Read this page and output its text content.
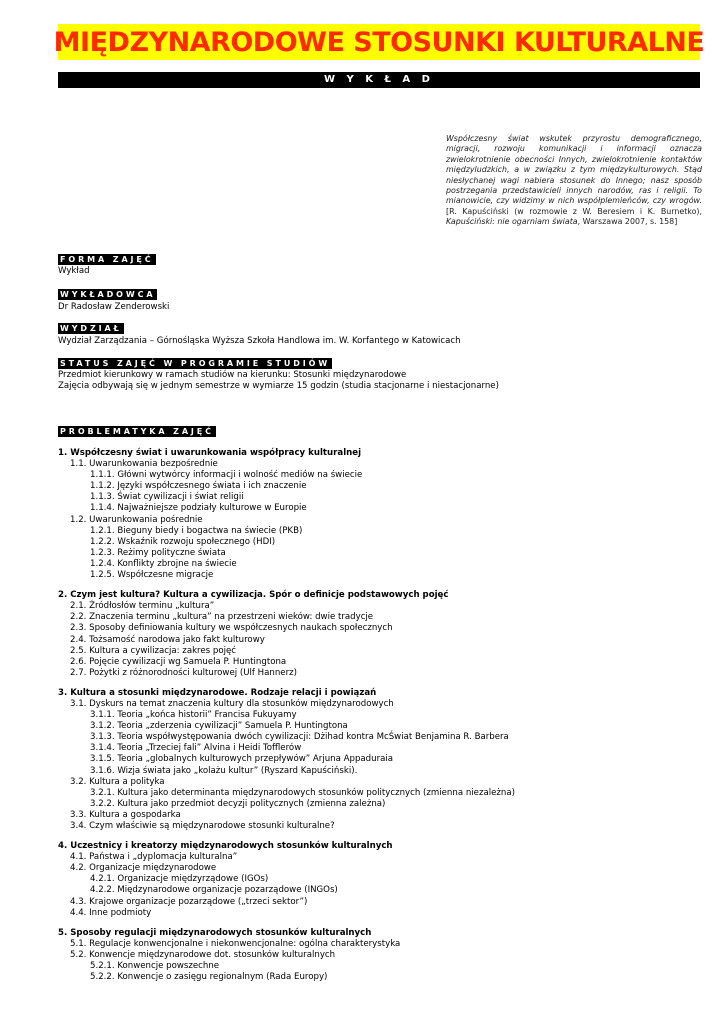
MIĘDZYNARODOWE STOSUNKI KULTURALNE
W Y K Ł A D
Współczesny świat wskutek przyrostu demograficznego, migracji, rozwoju komunikacji i informacji oznacza zwielokrotnienie obecności Innych, zwielokrotnienie kontaktów międzyludzkich, a w związku z tym międzykulturowych. Stąd niesłychanej wagi nabiera stosunek do Innego; nasz sposób postrzegania przedstawicieli innych narodów, ras i religii. To mianowicie, czy widzimy w nich współplemieńców, czy wrogów. [R. Kapuściński (w rozmowie z W. Beresiem i K. Burnetko), Kapuściński: nie ogarniam świata, Warszawa 2007, s. 158]
FORMA ZAJĘĆ
Wykład
WYKŁADOWCA
Dr Radosław Zenderowski
WYDZIAŁ
Wydział Zarządzania – Górnośląska Wyższa Szkoła Handlowa im. W. Korfantego w Katowicach
STATUS ZAJĘĆ W PROGRAMIE STUDIÓW
Przedmiot kierunkowy w ramach studiów na kierunku: Stosunki międzynarodowe
Zajęcia odbywają się w jednym semestrze w wymiarze 15 godzin (studia stacjonarne i niestacjonarne)
PROBLEMATYKA ZAJĘĆ
1. Współczesny świat i uwarunkowania współpracy kulturalnej
1.1. Uwarunkowania bezpośrednie
1.1.1. Główni wytwórcy informacji i wolność mediów na świecie
1.1.2. Języki współczesnego świata i ich znaczenie
1.1.3. Świat cywilizacji i świat religii
1.1.4. Najważniejsze podziały kulturowe w Europie
1.2. Uwarunkowania pośrednie
1.2.1. Bieguny biedy i bogactwa na świecie (PKB)
1.2.2. Wskaźnik rozwoju społecznego (HDI)
1.2.3. Reżimy polityczne świata
1.2.4. Konflikty zbrojne na świecie
1.2.5. Współczesne migracje
2. Czym jest kultura? Kultura a cywilizacja. Spór o definicje podstawowych pojęć
2.1. Źródłosłów terminu „kultura”
2.2. Znaczenia terminu „kultura” na przestrzeni wieków: dwie tradycje
2.3. Sposoby definiowania kultury we współczesnych naukach społecznych
2.4. Tożsamość narodowa jako fakt kulturowy
2.5. Kultura a cywilizacja: zakres pojęć
2.6. Pojęcie cywilizacji wg Samuela P. Huntingtona
2.7. Pożytki z różnorodności kulturowej (Ulf Hannerz)
3. Kultura a stosunki międzynarodowe. Rodzaje relacji i powiązań
3.1. Dyskurs na temat znaczenia kultury dla stosunków międzynarodowych
3.1.1. Teoria „końca historii” Francisa Fukuyamy
3.1.2. Teoria „zderzenia cywilizacji” Samuela P. Huntingtona
3.1.3. Teoria współwystępowania dwóch cywilizacji: Dżihad kontra McŚwiat Benjamina R. Barbera
3.1.4. Teoria „Trzeciej fali” Alvina i Heidi Tofflerów
3.1.5. Teoria „globalnych kulturowych przepływów” Arjuna Appaduraia
3.1.6. Wizja świata jako „kolażu kultur” (Ryszard Kapuściński).
3.2. Kultura a polityka
3.2.1. Kultura jako determinanta międzynarodowych stosunków politycznych (zmienna niezależna)
3.2.2. Kultura jako przedmiot decyzji politycznych (zmienna zależna)
3.3. Kultura a gospodarka
3.4. Czym właściwie są międzynarodowe stosunki kulturalne?
4. Uczestnicy i kreatorzy międzynarodowych stosunków kulturalnych
4.1. Państwa i „dyplomacja kulturalna”
4.2. Organizacje międzynarodowe
4.2.1. Organizacje międzyrządowe (IGOs)
4.2.2. Międzynarodowe organizacje pozarządowe (INGOs)
4.3. Krajowe organizacje pozarządowe („trzeci sektor”)
4.4. Inne podmioty
5. Sposoby regulacji międzynarodowych stosunków kulturalnych
5.1. Regulacje konwencjonalne i niekonwencjonalne: ogólna charakterystyka
5.2. Konwencje międzynarodowe dot. stosunków kulturalnych
5.2.1. Konwencje powszechne
5.2.2. Konwencje o zasięgu regionalnym (Rada Europy)
